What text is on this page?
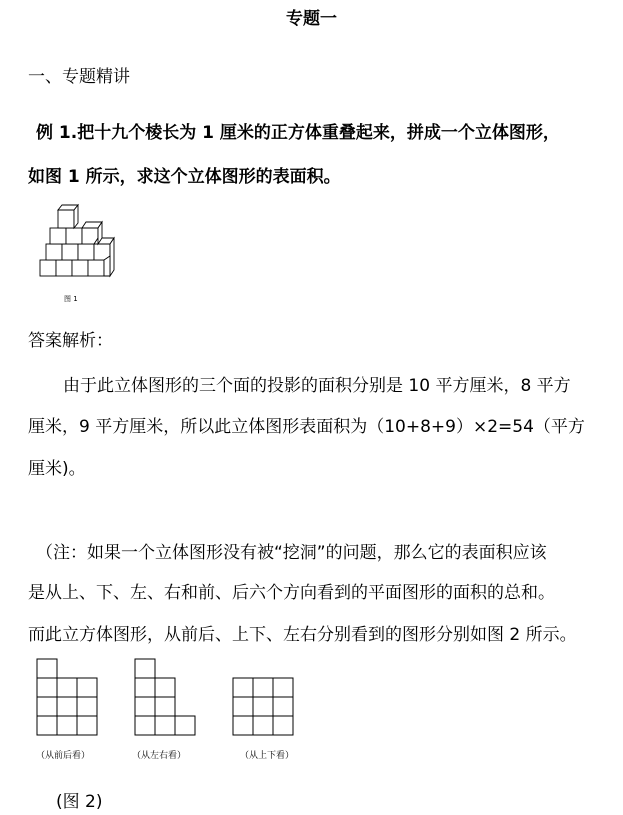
专题一
一、专题精讲
例 1.把十九个棱长为 1 厘米的正方体重叠起来，拼成一个立体图形，
如图 1 所示，求这个立体图形的表面积。
图 1
答案解析：
由于此立体图形的三个面的投影的面积分别是 10 平方厘米，8 平方
厘米，9 平方厘米，所以此立体图形表面积为（10+8+9）×2=54（平方
厘米)。
（注：如果一个立体图形没有被“挖洞”的问题，那么它的表面积应该
是从上、下、左、右和前、后六个方向看到的平面图形的面积的总和。
而此立方体图形，从前后、上下、左右分别看到的图形分别如图 2 所示。
（从前后看）	（从左右看）	（从上下看）
(图 2)
